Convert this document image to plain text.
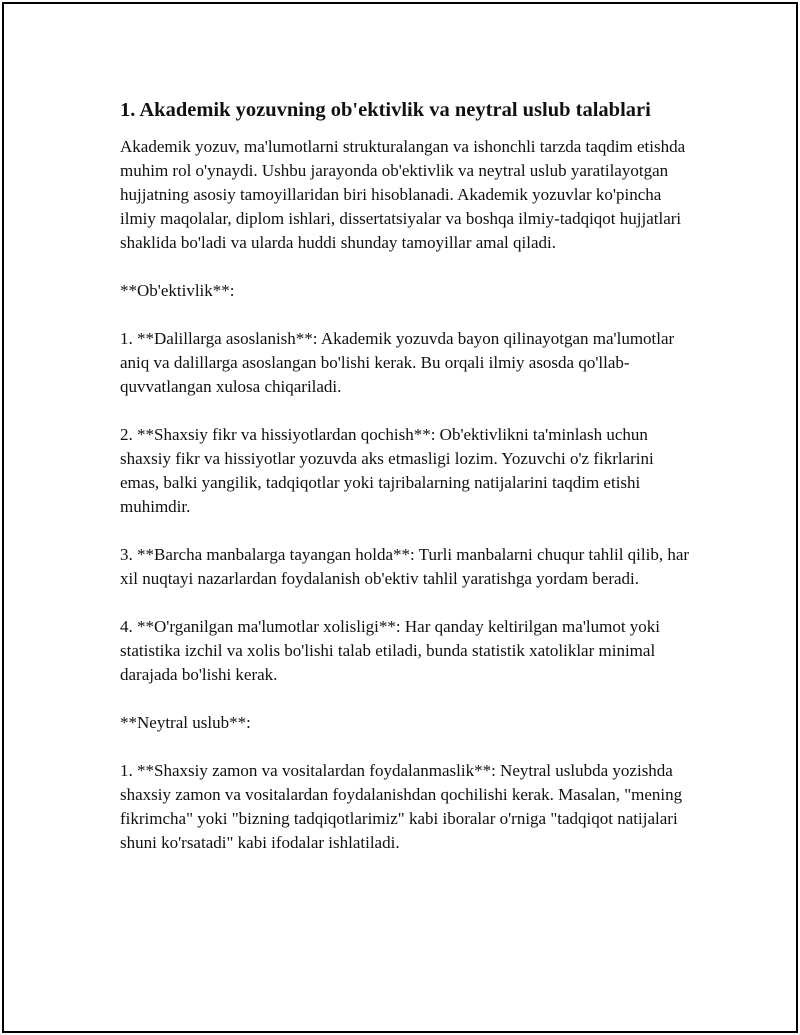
1. Akademik yozuvning ob'ektivlik va neytral uslub talablari

Akademik yozuv, ma'lumotlarni strukturalangan va ishonchli tarzda taqdim etishda muhim rol o'ynaydi. Ushbu jarayonda ob'ektivlik va neytral uslub yaratilayotgan hujjatning asosiy tamoyillaridan biri hisoblanadi. Akademik yozuvlar ko'pincha ilmiy maqolalar, diplom ishlari, dissertatsiyalar va boshqa ilmiy-tadqiqot hujjatlari shaklida bo'ladi va ularda huddi shunday tamoyillar amal qiladi.

**Ob'ektivlik**:

1. **Dalillarga asoslanish**: Akademik yozuvda bayon qilinayotgan ma'lumotlar aniq va dalillarga asoslangan bo'lishi kerak. Bu orqali ilmiy asosda qo'llab-quvvatlangan xulosa chiqariladi.

2. **Shaxsiy fikr va hissiyotlardan qochish**: Ob'ektivlikni ta'minlash uchun shaxsiy fikr va hissiyotlar yozuvda aks etmasligi lozim. Yozuvchi o'z fikrlarini emas, balki yangilik, tadqiqotlar yoki tajribalarning natijalarini taqdim etishi muhimdir.

3. **Barcha manbalarga tayangan holda**: Turli manbalarni chuqur tahlil qilib, har xil nuqtayi nazarlardan foydalanish ob'ektiv tahlil yaratishga yordam beradi.

4. **O'rganilgan ma'lumotlar xolisligi**: Har qanday keltirilgan ma'lumot yoki statistika izchil va xolis bo'lishi talab etiladi, bunda statistik xatoliklar minimal darajada bo'lishi kerak.

**Neytral uslub**:

1. **Shaxsiy zamon va vositalardan foydalanmaslik**: Neytral uslubda yozishda shaxsiy zamon va vositalardan foydalanishdan qochilishi kerak. Masalan, "mening fikrimcha" yoki "bizning tadqiqotlarimiz" kabi iboralar o'rniga "tadqiqot natijalari shuni ko'rsatadi" kabi ifodalar ishlatiladi.
